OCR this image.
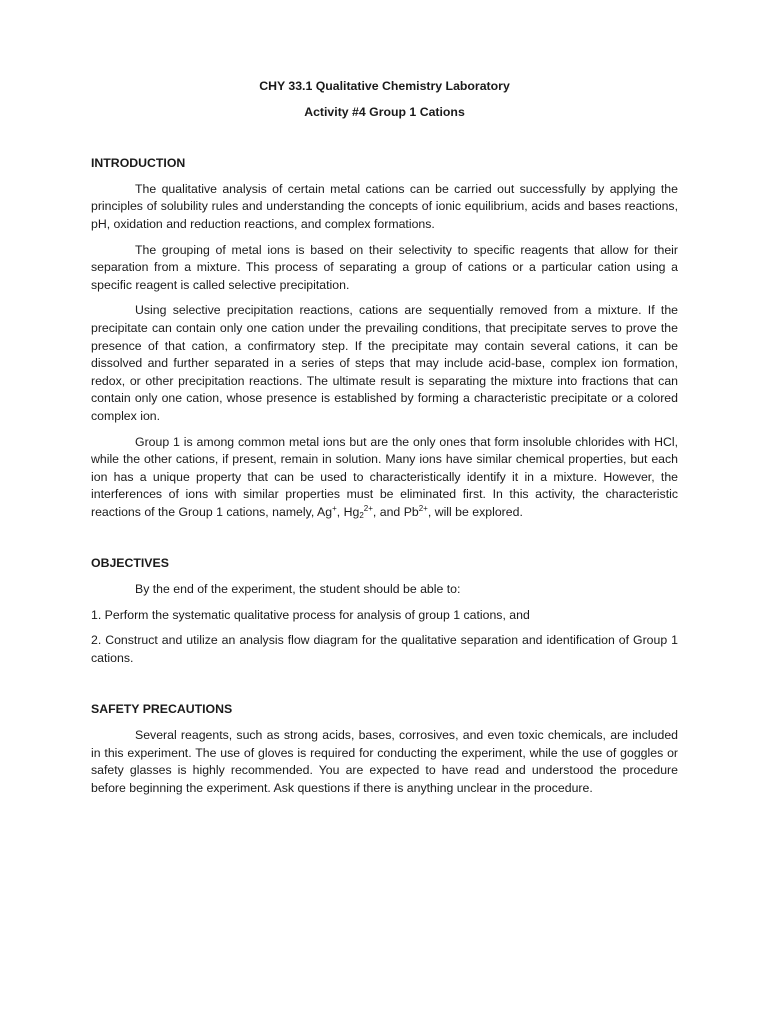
CHY 33.1 Qualitative Chemistry Laboratory
Activity #4 Group 1 Cations
INTRODUCTION

The qualitative analysis of certain metal cations can be carried out successfully by applying the principles of solubility rules and understanding the concepts of ionic equilibrium, acids and bases reactions, pH, oxidation and reduction reactions, and complex formations.

The grouping of metal ions is based on their selectivity to specific reagents that allow for their separation from a mixture. This process of separating a group of cations or a particular cation using a specific reagent is called selective precipitation.

Using selective precipitation reactions, cations are sequentially removed from a mixture. If the precipitate can contain only one cation under the prevailing conditions, that precipitate serves to prove the presence of that cation, a confirmatory step. If the precipitate may contain several cations, it can be dissolved and further separated in a series of steps that may include acid-base, complex ion formation, redox, or other precipitation reactions. The ultimate result is separating the mixture into fractions that can contain only one cation, whose presence is established by forming a characteristic precipitate or a colored complex ion.

Group 1 is among common metal ions but are the only ones that form insoluble chlorides with HCl, while the other cations, if present, remain in solution. Many ions have similar chemical properties, but each ion has a unique property that can be used to characteristically identify it in a mixture. However, the interferences of ions with similar properties must be eliminated first. In this activity, the characteristic reactions of the Group 1 cations, namely, Ag+, $Hg_2^{2+}$, and $Pb^{2+}$, will be explored.

OBJECTIVES

By the end of the experiment, the student should be able to:

1. Perform the systematic qualitative process for analysis of group 1 cations, and

2. Construct and utilize an analysis flow diagram for the qualitative separation and identification of Group 1 cations.

SAFETY PRECAUTIONS

Several reagents, such as strong acids, bases, corrosives, and even toxic chemicals, are included in this experiment. The use of gloves is required for conducting the experiment, while the use of goggles or safety glasses is highly recommended. You are expected to have read and understood the procedure before beginning the experiment. Ask questions if there is anything unclear in the procedure.
